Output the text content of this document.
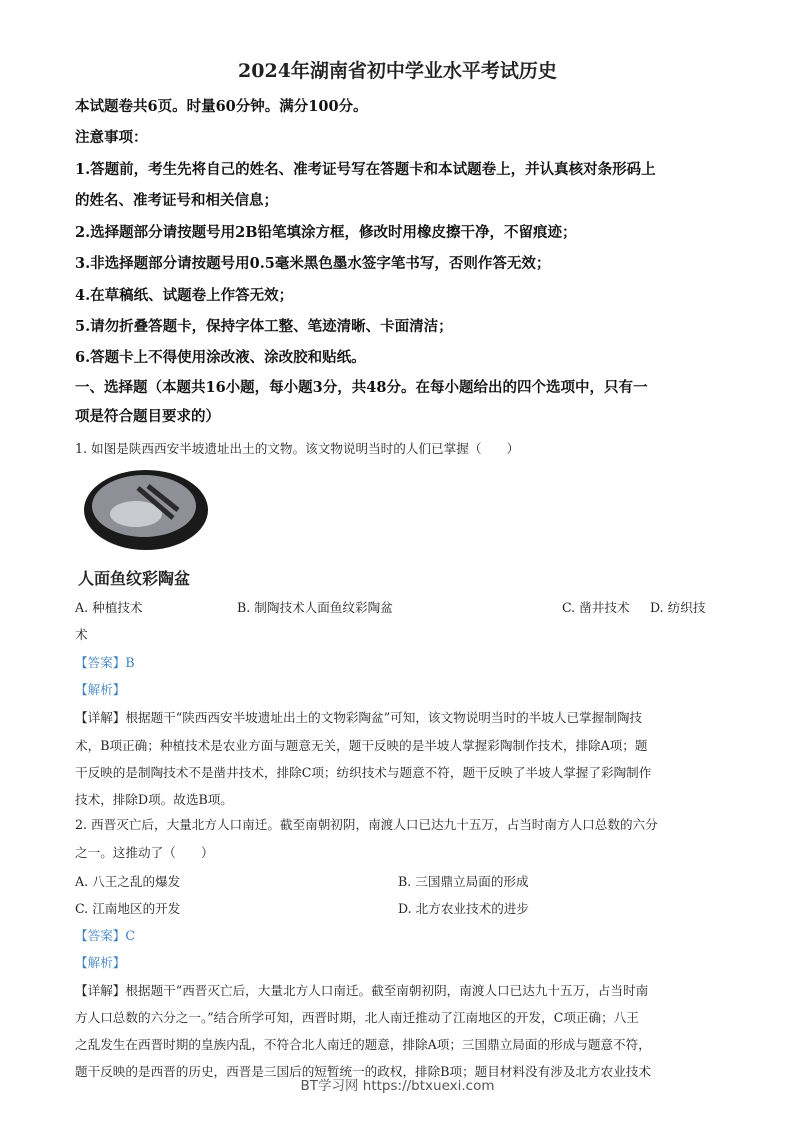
2024年湖南省初中学业水平考试历史
本试题卷共6页。时量60分钟。满分100分。
注意事项：
1.答题前，考生先将自己的姓名、准考证号写在答题卡和本试题卷上，并认真核对条形码上
的姓名、准考证号和相关信息；
2.选择题部分请按题号用2B铅笔填涂方框，修改时用橡皮擦干净，不留痕迹；
3.非选择题部分请按题号用0.5毫米黑色墨水签字笔书写，否则作答无效；
4.在草稿纸、试题卷上作答无效；
5.请勿折叠答题卡，保持字体工整、笔迹清晰、卡面清洁；
6.答题卡上不得使用涂改液、涂改胶和贴纸。
一、选择题（本题共16小题，每小题3分，共48分。在每小题给出的四个选项中，只有一
项是符合题目要求的）
1. 如图是陕西西安半坡遗址出土的文物。该文物说明当时的人们已掌握（　　）
人面鱼纹彩陶盆
A. 种植技术	B. 制陶技术人面鱼纹彩陶盆	C. 凿井技术 D. 纺织技
术
【答案】B
【解析】
【详解】根据题干“陕西西安半坡遗址出土的文物彩陶盆”可知，该文物说明当时的半坡人已掌握制陶技
术，B项正确；种植技术是农业方面与题意无关，题干反映的是半坡人掌握彩陶制作技术，排除A项；题
干反映的是制陶技术不是凿井技术，排除C项；纺织技术与题意不符，题干反映了半坡人掌握了彩陶制作
技术，排除D项。故选B项。
2. 西晋灭亡后，大量北方人口南迁。截至南朝初阴，南渡人口已达九十五万，占当时南方人口总数的六分
之一。这推动了（　　）
A. 八王之乱的爆发	B. 三国鼎立局面的形成
C. 江南地区的开发	D. 北方农业技术的进步
【答案】C
【解析】
【详解】根据题干“西晋灭亡后，大量北方人口南迁。截至南朝初阴，南渡人口已达九十五万，占当时南
方人口总数的六分之一。”结合所学可知，西晋时期，北人南迁推动了江南地区的开发，C项正确；八王
之乱发生在西晋时期的皇族内乱，不符合北人南迁的题意，排除A项；三国鼎立局面的形成与题意不符，
题干反映的是西晋的历史，西晋是三国后的短暂统一的政权，排除B项；题目材料没有涉及北方农业技术
BT学习网 https://btxuexi.com
